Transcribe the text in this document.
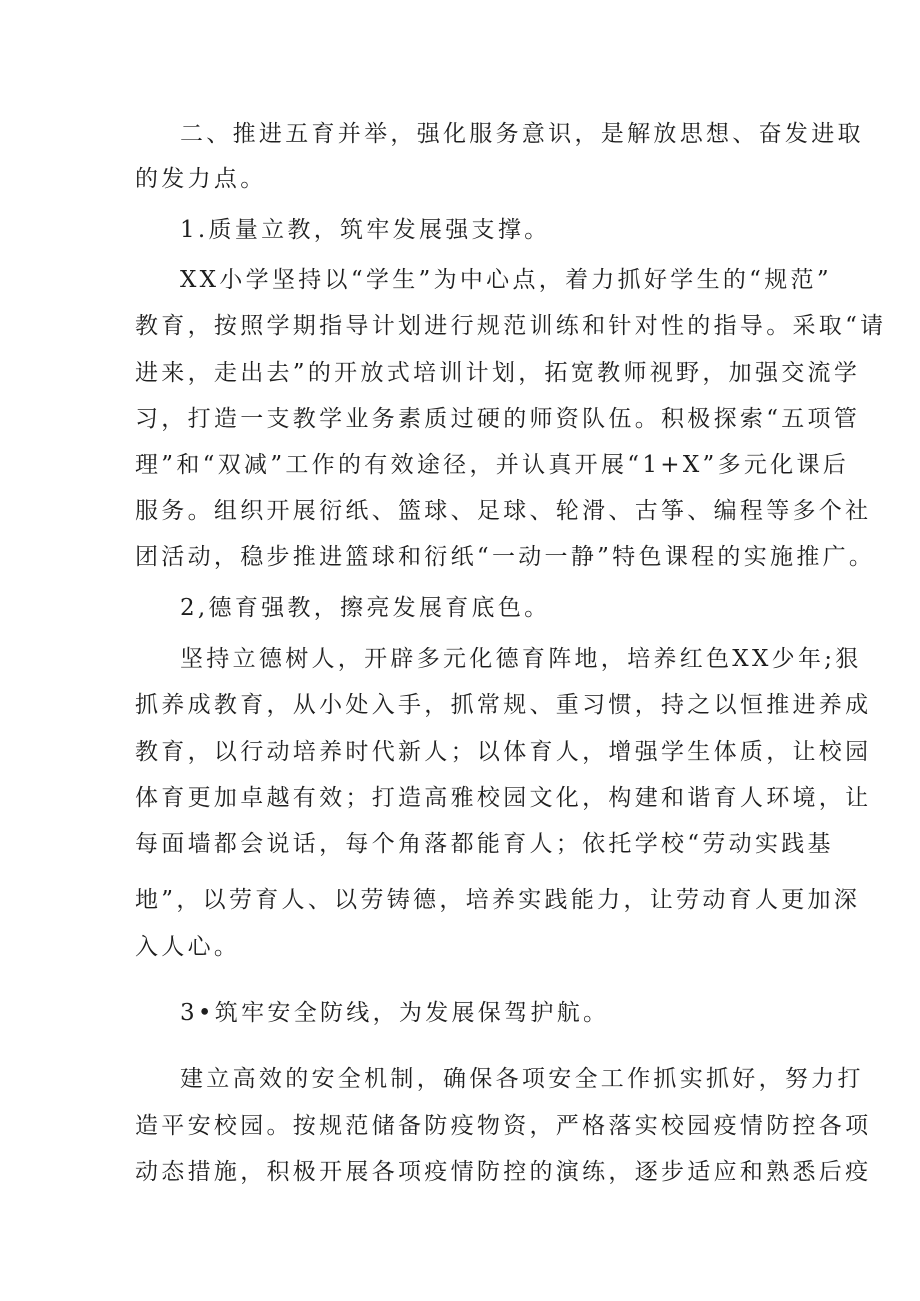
二、推进五育并举，强化服务意识，是解放思想、奋发进取
的发力点。
1.质量立教，筑牢发展强支撑。
XX小学坚持以“学生”为中心点，着力抓好学生的“规范”
教育，按照学期指导计划进行规范训练和针对性的指导。采取“请
进来，走出去”的开放式培训计划，拓宽教师视野，加强交流学
习，打造一支教学业务素质过硬的师资队伍。积极探索“五项管
理”和“双减”工作的有效途径，并认真开展“1+X”多元化课后
服务。组织开展衍纸、篮球、足球、轮滑、古筝、编程等多个社
团活动，稳步推进篮球和衍纸“一动一静”特色课程的实施推广。
2,德育强教，擦亮发展育底色。
坚持立德树人，开辟多元化德育阵地，培养红色XX少年;狠
抓养成教育，从小处入手，抓常规、重习惯，持之以恒推进养成
教育，以行动培养时代新人；以体育人，增强学生体质，让校园
体育更加卓越有效；打造高雅校园文化，构建和谐育人环境，让
每面墙都会说话，每个角落都能育人；依托学校“劳动实践基
地”，以劳育人、以劳铸德，培养实践能力，让劳动育人更加深
入人心。
3•筑牢安全防线，为发展保驾护航。
建立高效的安全机制，确保各项安全工作抓实抓好，努力打
造平安校园。按规范储备防疫物资，严格落实校园疫情防控各项
动态措施，积极开展各项疫情防控的演练，逐步适应和熟悉后疫
